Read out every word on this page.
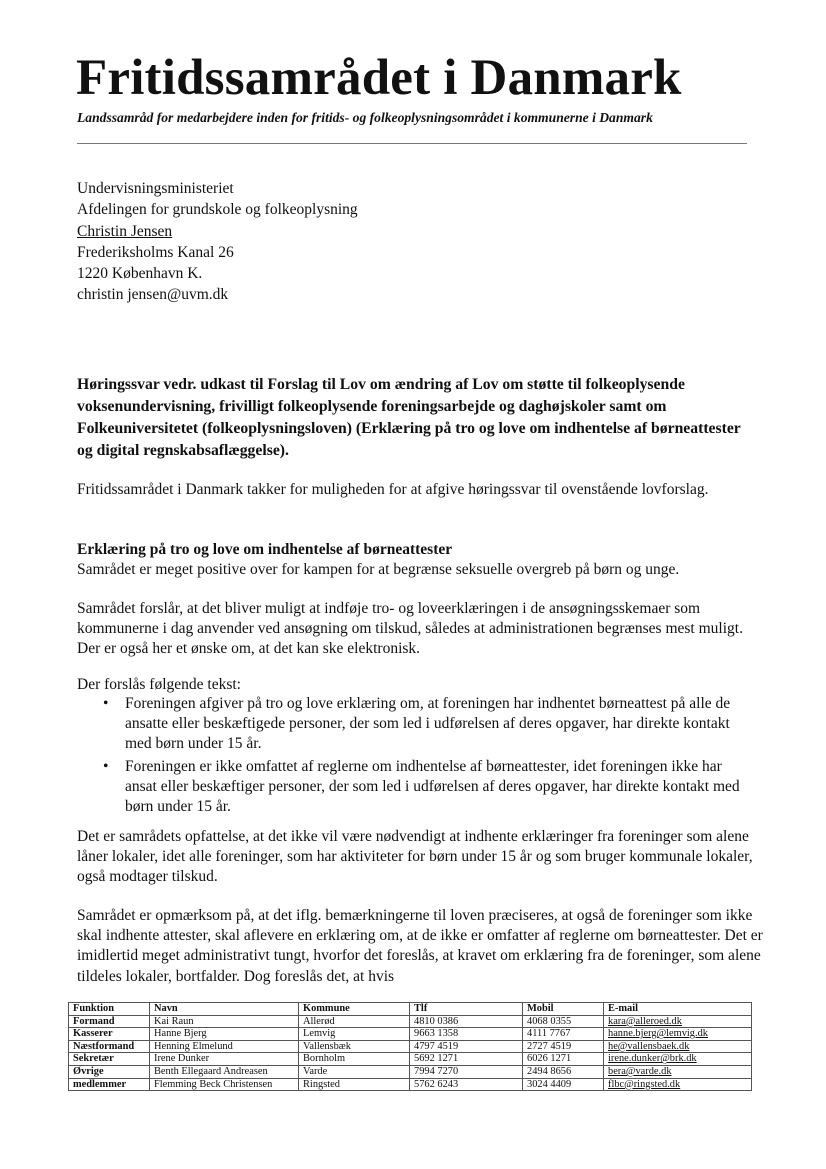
Fritidssamrådet i Danmark
Landssamråd for medarbejdere inden for fritids- og folkeoplysningsområdet i kommunerne i Danmark
Undervisningsministeriet
Afdelingen for grundskole og folkeoplysning
Christin Jensen
Frederiksholms Kanal 26
1220 København K.
christin jensen@uvm.dk
Høringssvar vedr. udkast til Forslag til Lov om ændring af Lov om støtte til folkeoplysende voksenundervisning, frivilligt folkeoplysende foreningsarbejde og daghøjskoler samt om Folkeuniversitetet (folkeoplysningsloven) (Erklæring på tro og love om indhentelse af børneattester og digital regnskabsaflæggelse).
Fritidssamrådet i Danmark takker for muligheden for at afgive høringssvar til ovenstående lovforslag.
Erklæring på tro og love om indhentelse af børneattester
Samrådet er meget positive over for kampen for at begrænse seksuelle overgreb på børn og unge.
Samrådet forslår, at det bliver muligt at indføje tro- og loveerklæringen i de ansøgningsskemaer som kommunerne i dag anvender ved ansøgning om tilskud, således at administrationen begrænses mest muligt. Der er også her et ønske om, at det kan ske elektronisk.
Der forslås følgende tekst:
• Foreningen afgiver på tro og love erklæring om, at foreningen har indhentet børneattest på alle de ansatte eller beskæftigede personer, der som led i udførelsen af deres opgaver, har direkte kontakt med børn under 15 år.
• Foreningen er ikke omfattet af reglerne om indhentelse af børneattester, idet foreningen ikke har ansat eller beskæftiger personer, der som led i udførelsen af deres opgaver, har direkte kontakt med børn under 15 år.
Det er samrådets opfattelse, at det ikke vil være nødvendigt at indhente erklæringer fra foreninger som alene låner lokaler, idet alle foreninger, som har aktiviteter for børn under 15 år og som bruger kommunale lokaler, også modtager tilskud.
Samrådet er opmærksom på, at det iflg. bemærkningerne til loven præciseres, at også de foreninger som ikke skal indhente attester, skal aflevere en erklæring om, at de ikke er omfatter af reglerne om børneattester. Det er imidlertid meget administrativt tungt, hvorfor det foreslås, at kravet om erklæring fra de foreninger, som alene tildeles lokaler, bortfalder. Dog foreslås det, at hvis
Funktion	Navn	Kommune	Tlf	Mobil	E-mail
Formand	Kai Raun	Allerød	4810 0386	4068 0355	kara@alleroed.dk
Kasserer	Hanne Bjerg	Lemvig	9663 1358	4111 7767	hanne.bjerg@lemvig.dk
Næstformand	Henning Elmelund	Vallensbæk	4797 4519	2727 4519	he@vallensbaek.dk
Sekretær	Irene Dunker	Bornholm	5692 1271	6026 1271	irene.dunker@brk.dk
Øvrige	Benth Ellegaard Andreasen	Varde	7994 7270	2494 8656	bera@varde.dk
medlemmer	Flemming Beck Christensen	Ringsted	5762 6243	3024 4409	flbc@ringsted.dk
